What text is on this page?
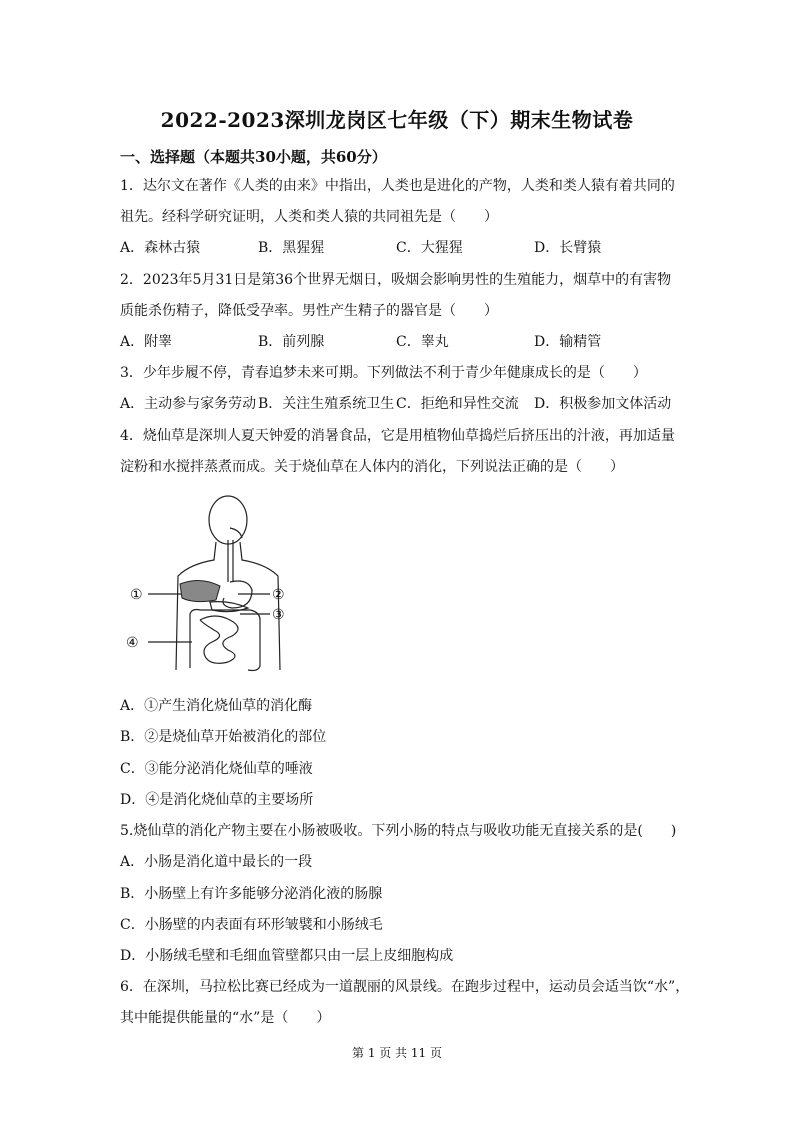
2022-2023深圳龙岗区七年级（下）期末生物试卷
一、选择题（本题共30小题，共60分）
1．达尔文在著作《人类的由来》中指出，人类也是进化的产物，人类和类人猿有着共同的
祖先。经科学研究证明，人类和类人猿的共同祖先是（　　）
A．森林古猿	B．黑猩猩	C．大猩猩	D．长臂猿
2．2023年5月31日是第36个世界无烟日，吸烟会影响男性的生殖能力，烟草中的有害物
质能杀伤精子，降低受孕率。男性产生精子的器官是（　　）
A．附睾	B．前列腺	C．睾丸	D．输精管
3．少年步履不停，青春追梦未来可期。下列做法不利于青少年健康成长的是（　　）
A．主动参与家务劳动 B．关注生殖系统卫生 C．拒绝和异性交流 D．积极参加文体活动
4．烧仙草是深圳人夏天钟爱的消暑食品，它是用植物仙草捣烂后挤压出的汁液，再加适量
淀粉和水搅拌蒸煮而成。关于烧仙草在人体内的消化，下列说法正确的是（　　）
①	②
③
④
A．①产生消化烧仙草的消化酶
B．②是烧仙草开始被消化的部位
C．③能分泌消化烧仙草的唾液
D．④是消化烧仙草的主要场所
5.烧仙草的消化产物主要在小肠被吸收。下列小肠的特点与吸收功能无直接关系的是(　　)
A．小肠是消化道中最长的一段
B．小肠壁上有许多能够分泌消化液的肠腺
C．小肠壁的内表面有环形皱襞和小肠绒毛
D．小肠绒毛壁和毛细血管壁都只由一层上皮细胞构成
6．在深圳，马拉松比赛已经成为一道靓丽的风景线。在跑步过程中，运动员会适当饮“水”，
其中能提供能量的“水”是（　　）
第 1 页 共 11 页
